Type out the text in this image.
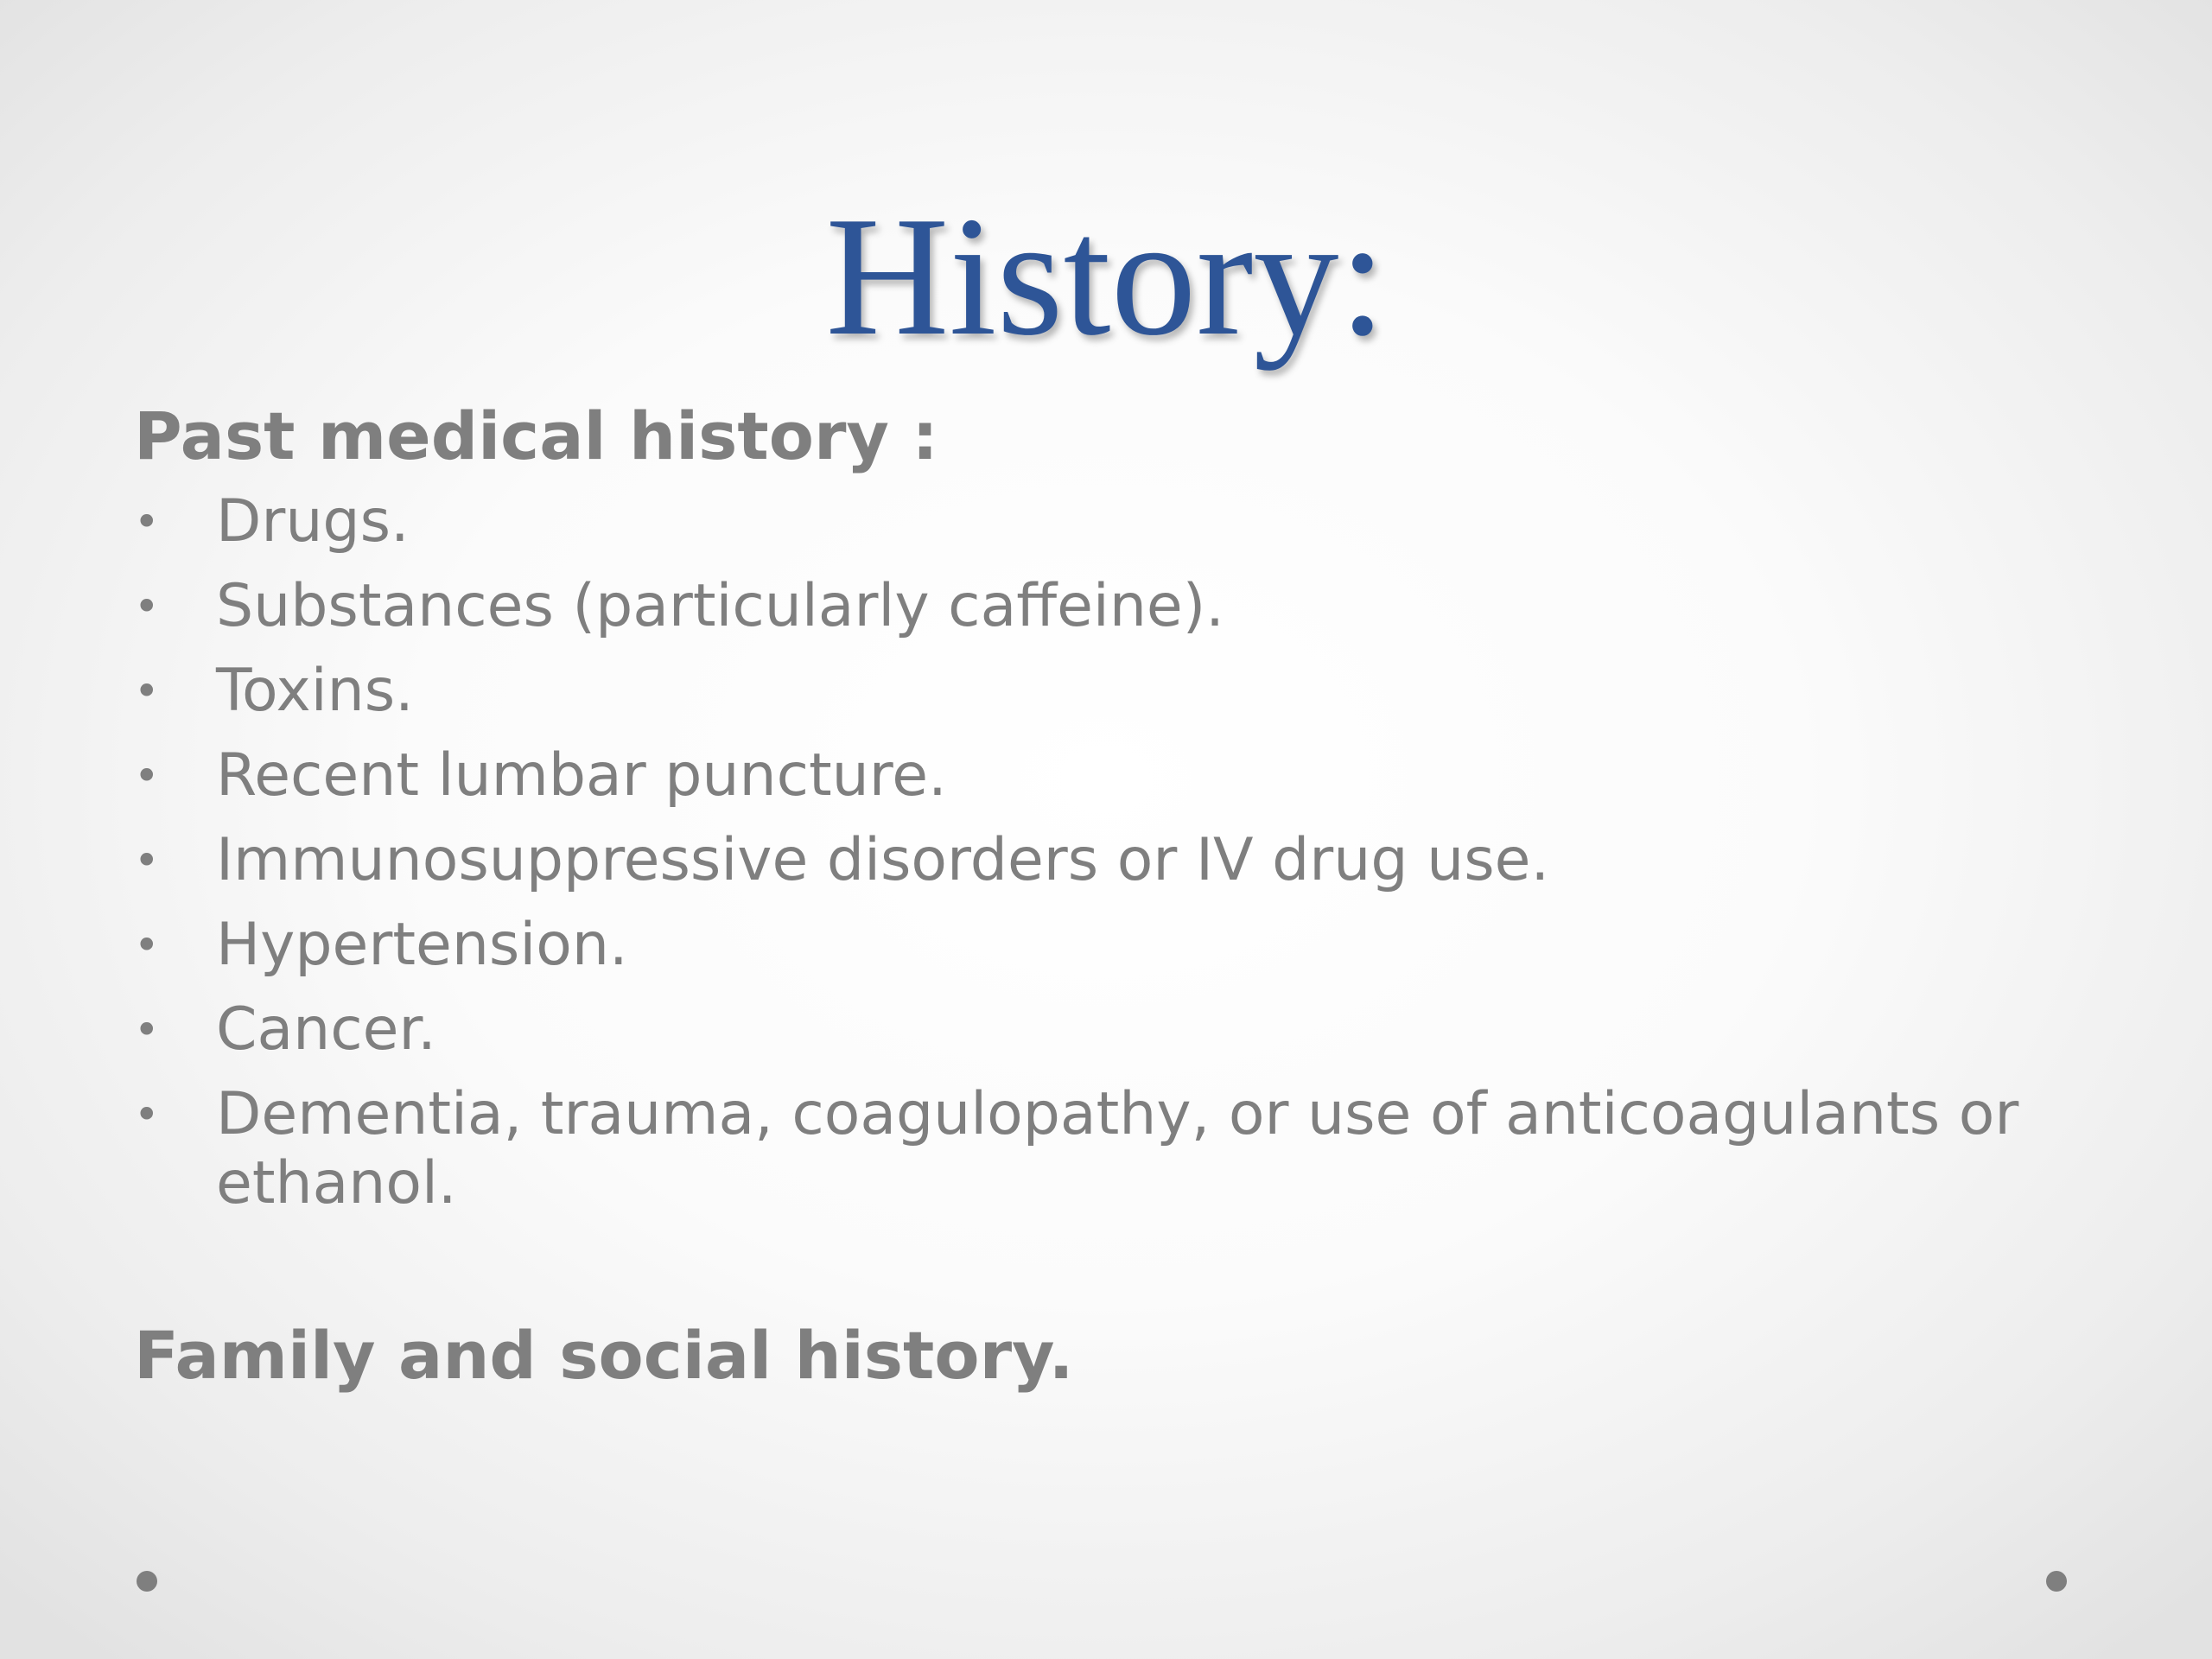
History:

Past medical history :

• Drugs.
• Substances (particularly caffeine).
• Toxins.
• Recent lumbar puncture.
• Immunosuppressive disorders or IV drug use.
• Hypertension.
• Cancer.
• Dementia, trauma, coagulopathy, or use of anticoagulants or ethanol.

Family and social history.
